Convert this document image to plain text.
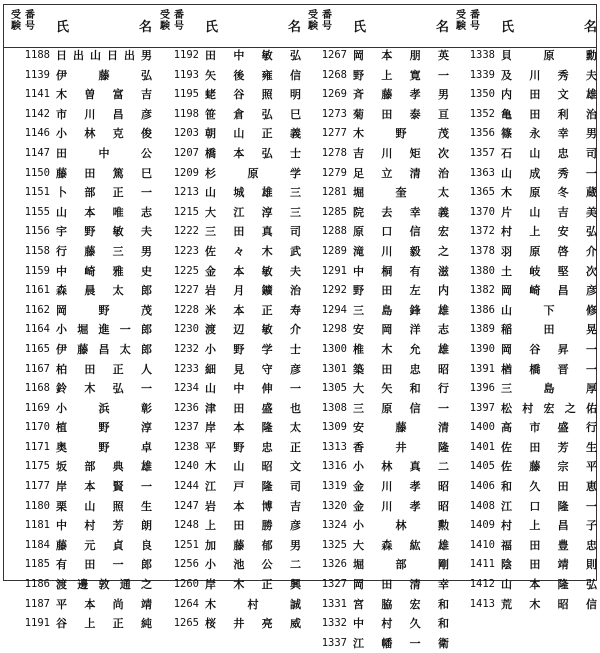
受験
番号 氏	名
受験
番号 氏	名
受験
番号 氏	名
受験
番号 氏	名
1188 日出山日出男
1139 伊藤弘
1141 木曽富吉
1142 市川昌彦
1146 小林克俊
1147 田中公
1150 藤田篤巳
1151 卜部正一
1155 山本唯志
1156 宇野敏夫
1158 行藤三男
1159 中崎雅史
1161 森晨太郎
1162 岡野茂
1164 小堀進一郎
1165 伊藤昌太郎
1167 柏田正人
1168 鈴木弘一
1169 小浜彰
1170 植野淳
1171 奥野卓
1175 坂部典雄
1177 岸本賢一
1180 栗山照生
1181 中村芳朗
1184 藤元貞良
1185 有田一郎
1186 渡邊敦通之
1187 平本尚靖
1191 谷上正純
1192 田中敏弘
1193 矢後雍信
1195 蛯谷照明
1198 笹倉弘巳
1203 朝山正義
1207 橋本弘士
1209 杉原学
1213 山城雄三
1215 大江淳三
1222 三田真司
1223 佐々木武
1225 金本敏夫
1227 岩月鑛治
1228 米本正寿
1230 渡辺敏介
1232 小野学士
1233 細見守彦
1234 山中伸一
1236 津田盛也
1237 岸本隆太
1238 平野忠正
1240 木山昭文
1244 江戸隆司
1247 岩本博吉
1248 上田勝彦
1251 加藤郁男
1256 小池公二
1260 岸木正興
1264 木村誠
1265 桜井亮威
1267 岡本朋英
1268 野上寛一
1269 斉藤孝男
1273 菊田泰亘
1277 木野茂
1278 吉川矩次
1279 足立清治
1281 堀奎太
1285 院去幸義
1288 原口信宏
1289 滝川毅之
1291 中桐有滋
1292 野田左内
1294 三島鋒雄
1298 安岡洋志
1300 椎木允雄
1301 築田忠昭
1305 大矢和行
1308 三原信一
1309 安藤清
1313 香井隆
1316 小林真二
1319 金川孝昭
1320 金川孝昭
1324 小林勲
1325 大森紘雄
1326 堀部剛
1327 岡田清幸
1331 宮脇宏和
1332 中村久和
1337 江幡一衛
1338 貝原勳
1339 及川秀夫
1350 内田文雄
1352 亀田利治
1356 篠永幸男
1357 石山忠司
1363 山成秀一
1365 木原冬蔵
1370 片山吉美
1372 村上安弘
1378 羽原啓介
1380 土岐堅次
1382 岡崎昌彦
1386 山下修
1389 稲田晃
1390 岡谷昇一
1391 楢橋晋一
1396 三島厚
1397 松村宏之佑
1400 高市盛行
1401 佐田芳生
1405 佐藤宗平
1406 和久田恵
1408 江口隆一
1409 村上昌子
1410 福田豊忠
1411 陰田靖則
1412 山本隆弘
1413 荒木昭信
